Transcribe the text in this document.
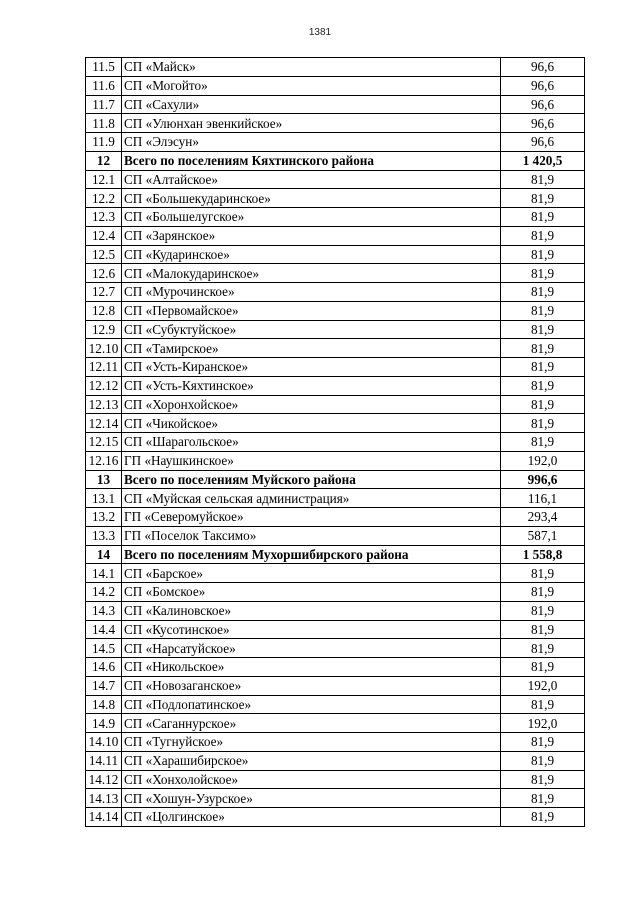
1381
11.5	СП «Майск»	96,6
11.6	СП «Могойто»	96,6
11.7	СП «Сахули»	96,6
11.8	СП «Улюнхан эвенкийское»	96,6
11.9	СП «Элэсун»	96,6
12	Всего по поселениям Кяхтинского района	1 420,5
12.1	СП «Алтайское»	81,9
12.2	СП «Большекударинское»	81,9
12.3	СП «Большелугское»	81,9
12.4	СП «Зарянское»	81,9
12.5	СП «Кударинское»	81,9
12.6	СП «Малокударинское»	81,9
12.7	СП «Мурочинское»	81,9
12.8	СП «Первомайское»	81,9
12.9	СП «Субуктуйское»	81,9
12.10	СП «Тамирское»	81,9
12.11	СП «Усть-Киранское»	81,9
12.12	СП «Усть-Кяхтинское»	81,9
12.13	СП «Хоронхойское»	81,9
12.14	СП «Чикойское»	81,9
12.15	СП «Шарагольское»	81,9
12.16	ГП «Наушкинское»	192,0
13	Всего по поселениям Муйского района	996,6
13.1	СП «Муйская сельская администрация»	116,1
13.2	ГП «Северомуйское»	293,4
13.3	ГП «Поселок Таксимо»	587,1
14	Всего по поселениям Мухоршибирского района	1 558,8
14.1	СП «Барское»	81,9
14.2	СП «Бомское»	81,9
14.3	СП «Калиновское»	81,9
14.4	СП «Кусотинское»	81,9
14.5	СП «Нарсатуйское»	81,9
14.6	СП «Никольское»	81,9
14.7	СП «Новозаганское»	192,0
14.8	СП «Подлопатинское»	81,9
14.9	СП «Саганнурское»	192,0
14.10	СП «Тугнуйское»	81,9
14.11	СП «Харашибирское»	81,9
14.12	СП «Хонхолойское»	81,9
14.13	СП «Хошун-Узурское»	81,9
14.14	СП «Цолгинское»	81,9
